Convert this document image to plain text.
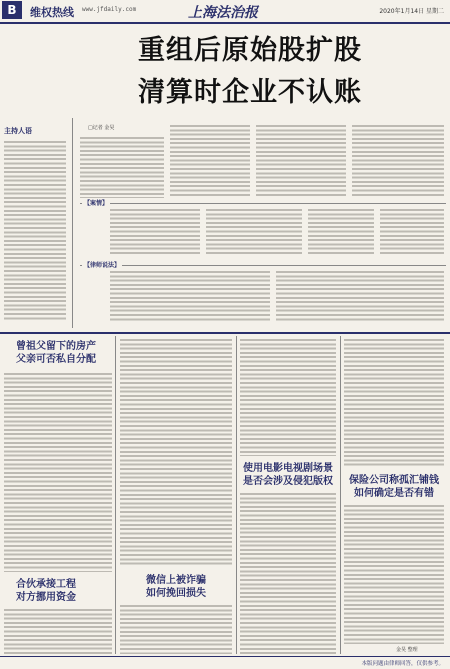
B	维权热线 www.jfdaily.com	上海法治报	2020年1月14日 星期二
重组后原始股扩股
清算时企业不认账
主持人语	□记者 金昊
【案情】
【律师说法】
曾祖父留下的房产
父亲可否私自分配
合伙承接工程
对方挪用资金
微信上被诈骗
如何挽回损失
使用电影电视剧场景
是否会涉及侵犯版权	保险公司称孤汇铺钱
如何确定是否有错
金昊 整理
本版问题由律师回答，仅供参考。
